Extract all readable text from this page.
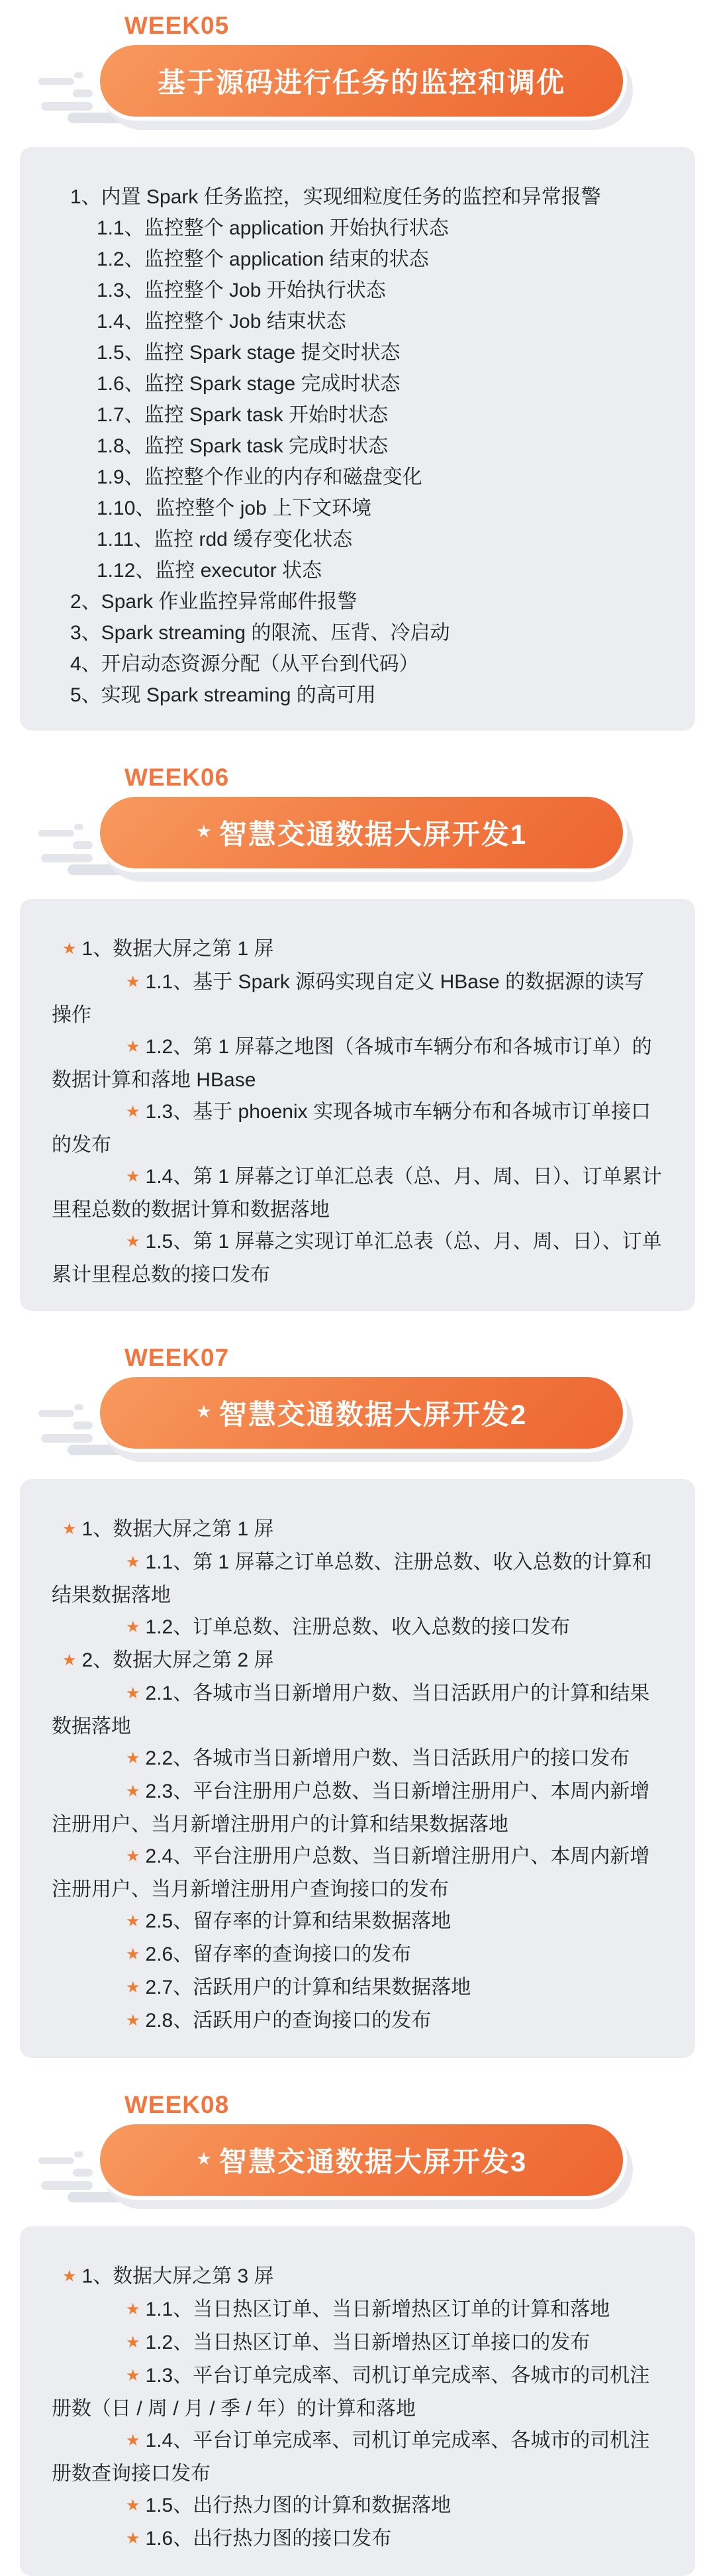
WEEK05
基于源码进行任务的监控和调优
1、内置 Spark 任务监控，实现细粒度任务的监控和异常报警
1.1、监控整个 application 开始执行状态
1.2、监控整个 application 结束的状态
1.3、监控整个 Job 开始执行状态
1.4、监控整个 Job 结束状态
1.5、监控 Spark stage 提交时状态
1.6、监控 Spark stage 完成时状态
1.7、监控 Spark task 开始时状态
1.8、监控 Spark task 完成时状态
1.9、监控整个作业的内存和磁盘变化
1.10、监控整个 job 上下文环境
1.11、监控 rdd 缓存变化状态
1.12、监控 executor 状态
2、Spark 作业监控异常邮件报警
3、Spark streaming 的限流、压背、冷启动
4、开启动态资源分配（从平台到代码）
5、实现 Spark streaming 的高可用
WEEK06
★ 智慧交通数据大屏开发1
★ 1、数据大屏之第 1 屏
★ 1.1、基于 Spark 源码实现自定义 HBase 的数据源的读写操作
★ 1.2、第 1 屏幕之地图（各城市车辆分布和各城市订单）的数据计算和落地 HBase
★ 1.3、基于 phoenix 实现各城市车辆分布和各城市订单接口的发布
★ 1.4、第 1 屏幕之订单汇总表（总、月、周、日）、订单累计里程总数的数据计算和数据落地
★ 1.5、第 1 屏幕之实现订单汇总表（总、月、周、日）、订单累计里程总数的接口发布
WEEK07
★ 智慧交通数据大屏开发2
★ 1、数据大屏之第 1 屏
★ 1.1、第 1 屏幕之订单总数、注册总数、收入总数的计算和结果数据落地
★ 1.2、订单总数、注册总数、收入总数的接口发布
★ 2、数据大屏之第 2 屏
★ 2.1、各城市当日新增用户数、当日活跃用户的计算和结果数据落地
★ 2.2、各城市当日新增用户数、当日活跃用户的接口发布
★ 2.3、平台注册用户总数、当日新增注册用户、本周内新增注册用户、当月新增注册用户的计算和结果数据落地
★ 2.4、平台注册用户总数、当日新增注册用户、本周内新增注册用户、当月新增注册用户查询接口的发布
★ 2.5、留存率的计算和结果数据落地
★ 2.6、留存率的查询接口的发布
★ 2.7、活跃用户的计算和结果数据落地
★ 2.8、活跃用户的查询接口的发布
WEEK08
★ 智慧交通数据大屏开发3
★ 1、数据大屏之第 3 屏
★ 1.1、当日热区订单、当日新增热区订单的计算和落地
★ 1.2、当日热区订单、当日新增热区订单接口的发布
★ 1.3、平台订单完成率、司机订单完成率、各城市的司机注册数（日 / 周 / 月 / 季 / 年）的计算和落地
★ 1.4、平台订单完成率、司机订单完成率、各城市的司机注册数查询接口发布
★ 1.5、出行热力图的计算和数据落地
★ 1.6、出行热力图的接口发布
